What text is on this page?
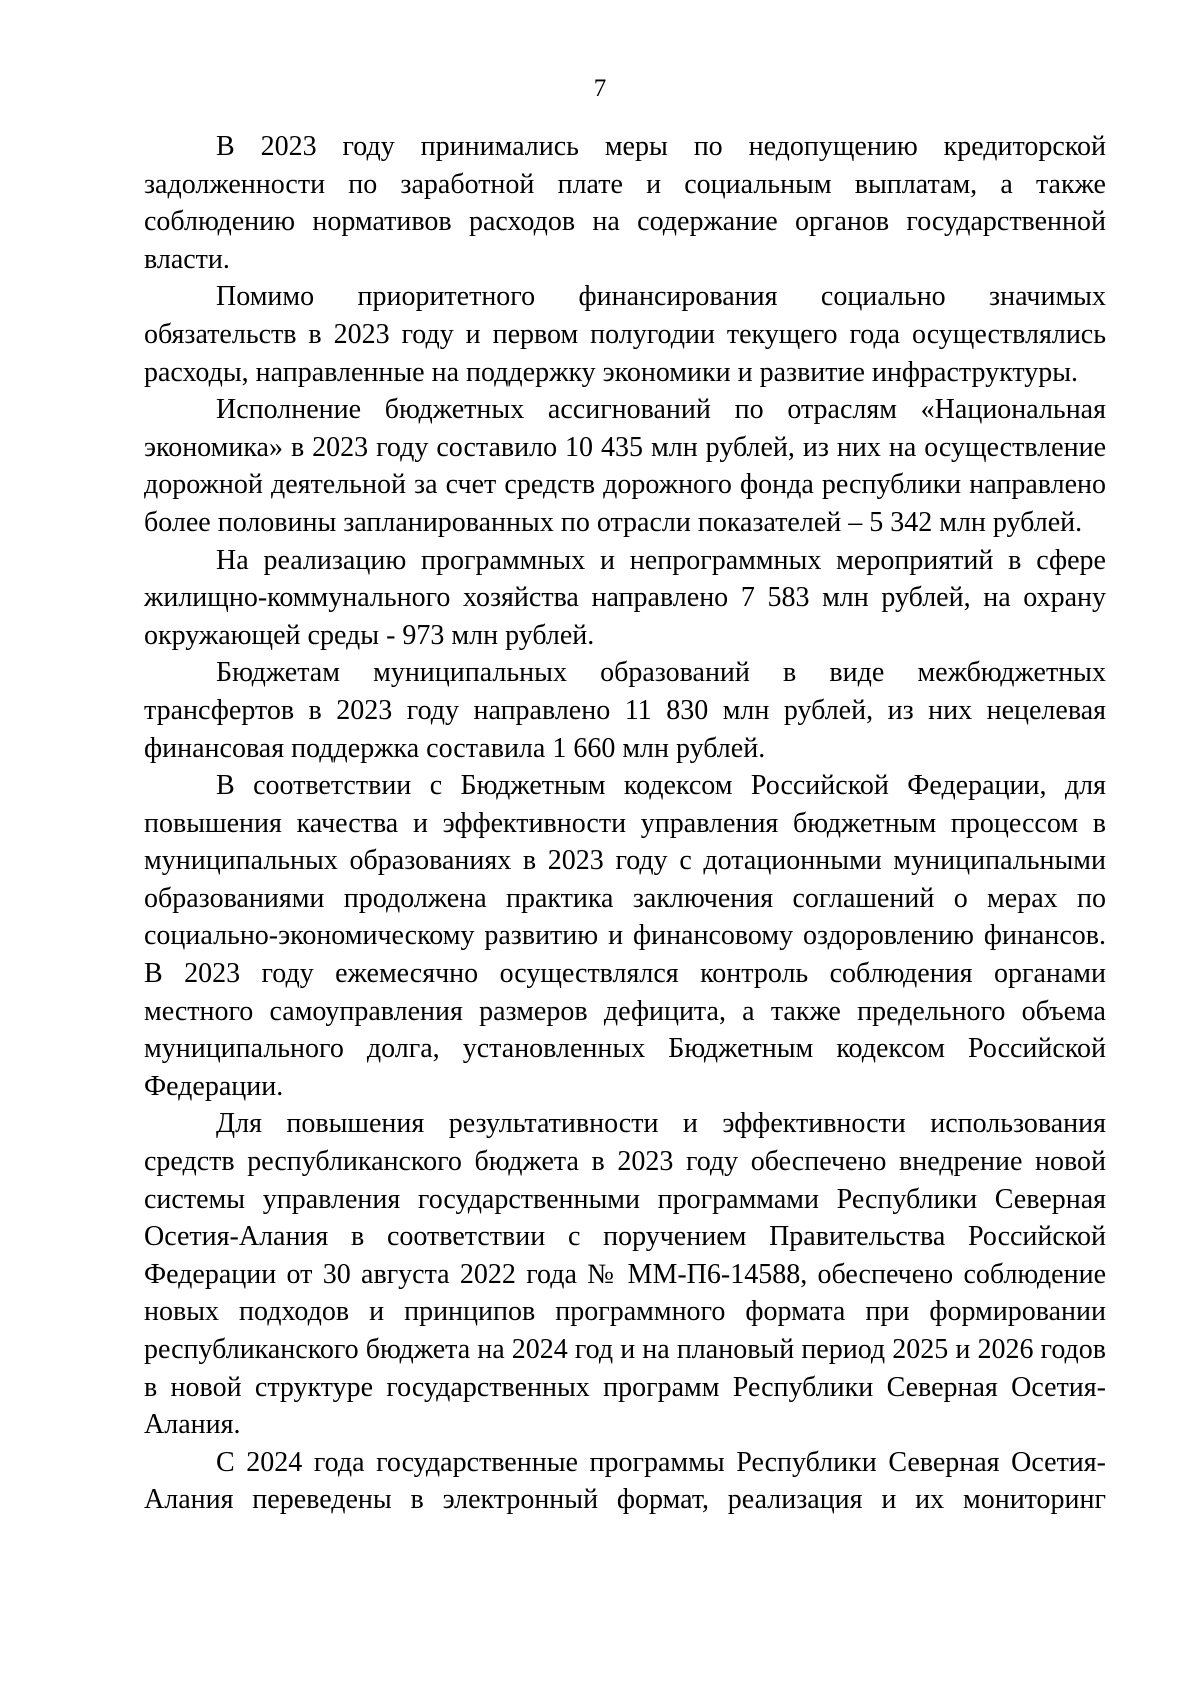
7

В 2023 году принимались меры по недопущению кредиторской задолженности по заработной плате и социальным выплатам, а также соблюдению нормативов расходов на содержание органов государственной власти.

Помимо приоритетного финансирования социально значимых обязательств в 2023 году и первом полугодии текущего года осуществлялись расходы, направленные на поддержку экономики и развитие инфраструктуры.

Исполнение бюджетных ассигнований по отраслям «Национальная экономика» в 2023 году составило 10 435 млн рублей, из них на осуществление дорожной деятельной за счет средств дорожного фонда республики направлено более половины запланированных по отрасли показателей – 5 342 млн рублей.

На реализацию программных и непрограммных мероприятий в сфере жилищно-коммунального хозяйства направлено 7 583 млн рублей, на охрану окружающей среды - 973 млн рублей.

Бюджетам муниципальных образований в виде межбюджетных трансфертов в 2023 году направлено 11 830 млн рублей, из них нецелевая финансовая поддержка составила 1 660 млн рублей.

В соответствии с Бюджетным кодексом Российской Федерации, для повышения качества и эффективности управления бюджетным процессом в муниципальных образованиях в 2023 году с дотационными муниципальными образованиями продолжена практика заключения соглашений о мерах по социально-экономическому развитию и финансовому оздоровлению финансов. В 2023 году ежемесячно осуществлялся контроль соблюдения органами местного самоуправления размеров дефицита, а также предельного объема муниципального долга, установленных Бюджетным кодексом Российской Федерации.

Для повышения результативности и эффективности использования средств республиканского бюджета в 2023 году обеспечено внедрение новой системы управления государственными программами Республики Северная Осетия-Алания в соответствии с поручением Правительства Российской Федерации от 30 августа 2022 года № ММ-П6-14588, обеспечено соблюдение новых подходов и принципов программного формата при формировании республиканского бюджета на 2024 год и на плановый период 2025 и 2026 годов в новой структуре государственных программ Республики Северная Осетия-Алания.

С 2024 года государственные программы Республики Северная Осетия-Алания переведены в электронный формат, реализация и их мониторинг
